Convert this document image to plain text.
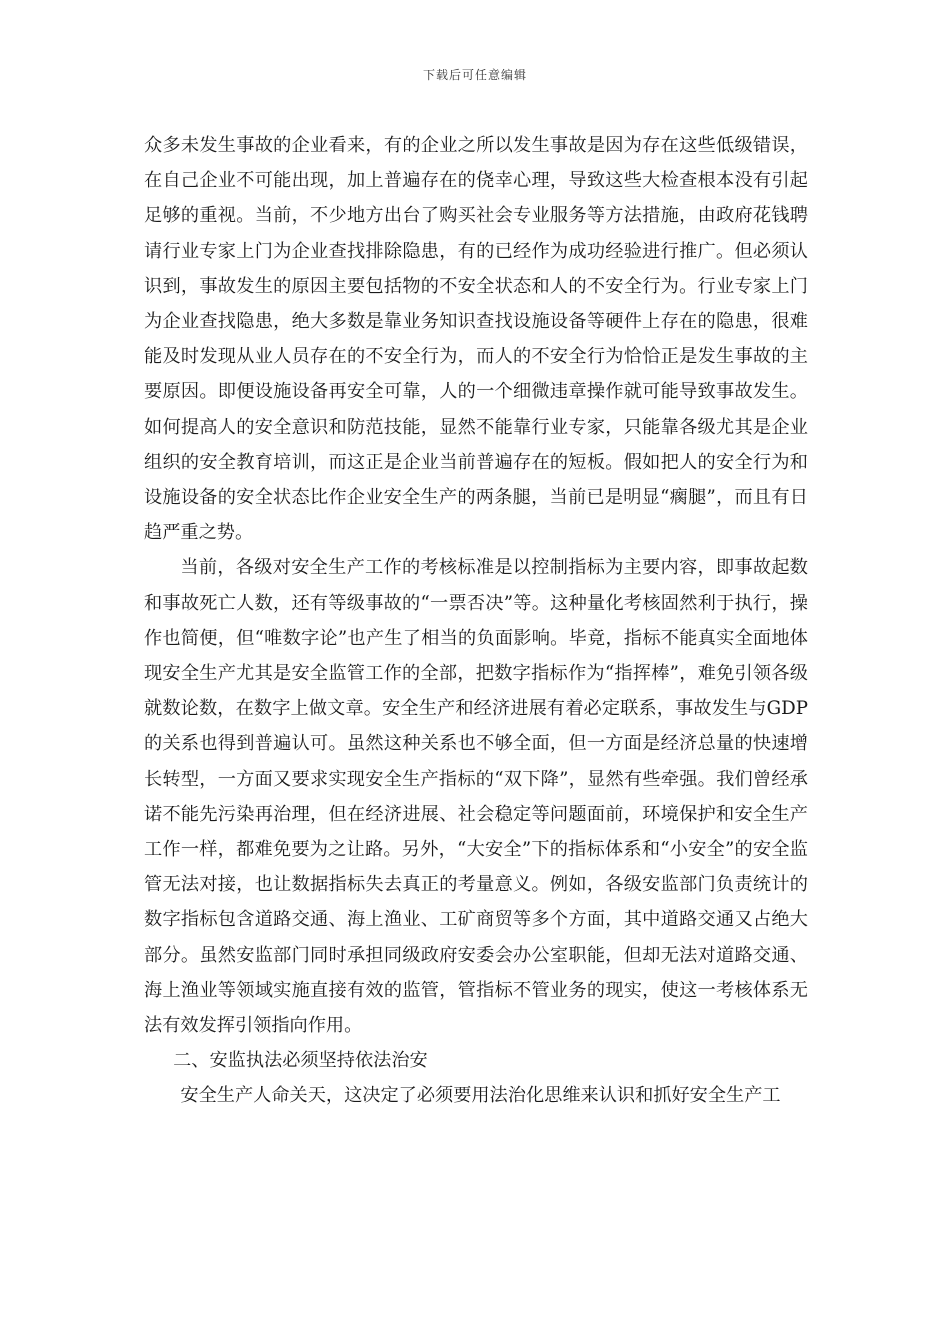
下载后可任意编辑

众多未发生事故的企业看来，有的企业之所以发生事故是因为存在这些低级错误，在自己企业不可能出现，加上普遍存在的侥幸心理，导致这些大检查根本没有引起足够的重视。当前，不少地方出台了购买社会专业服务等方法措施，由政府花钱聘请行业专家上门为企业查找排除隐患，有的已经作为成功经验进行推广。但必须认识到，事故发生的原因主要包括物的不安全状态和人的不安全行为。行业专家上门为企业查找隐患，绝大多数是靠业务知识查找设施设备等硬件上存在的隐患，很难能及时发现从业人员存在的不安全行为，而人的不安全行为恰恰正是发生事故的主要原因。即便设施设备再安全可靠，人的一个细微违章操作就可能导致事故发生。如何提高人的安全意识和防范技能，显然不能靠行业专家，只能靠各级尤其是企业组织的安全教育培训，而这正是企业当前普遍存在的短板。假如把人的安全行为和设施设备的安全状态比作企业安全生产的两条腿，当前已是明显“瘸腿”，而且有日趋严重之势。

当前，各级对安全生产工作的考核标准是以控制指标为主要内容，即事故起数和事故死亡人数，还有等级事故的“一票否决”等。这种量化考核固然利于执行，操作也简便，但“唯数字论”也产生了相当的负面影响。毕竟，指标不能真实全面地体现安全生产尤其是安全监管工作的全部，把数字指标作为“指挥棒”，难免引领各级就数论数，在数字上做文章。安全生产和经济进展有着必定联系，事故发生与GDP的关系也得到普遍认可。虽然这种关系也不够全面，但一方面是经济总量的快速增长转型，一方面又要求实现安全生产指标的“双下降”，显然有些牵强。我们曾经承诺不能先污染再治理，但在经济进展、社会稳定等问题面前，环境保护和安全生产工作一样，都难免要为之让路。另外，“大安全”下的指标体系和“小安全”的安全监管无法对接，也让数据指标失去真正的考量意义。例如，各级安监部门负责统计的数字指标包含道路交通、海上渔业、工矿商贸等多个方面，其中道路交通又占绝大部分。虽然安监部门同时承担同级政府安委会办公室职能，但却无法对道路交通、海上渔业等领域实施直接有效的监管，管指标不管业务的现实，使这一考核体系无法有效发挥引领指向作用。

二、安监执法必须坚持依法治安

安全生产人命关天，这决定了必须要用法治化思维来认识和抓好安全生产工
